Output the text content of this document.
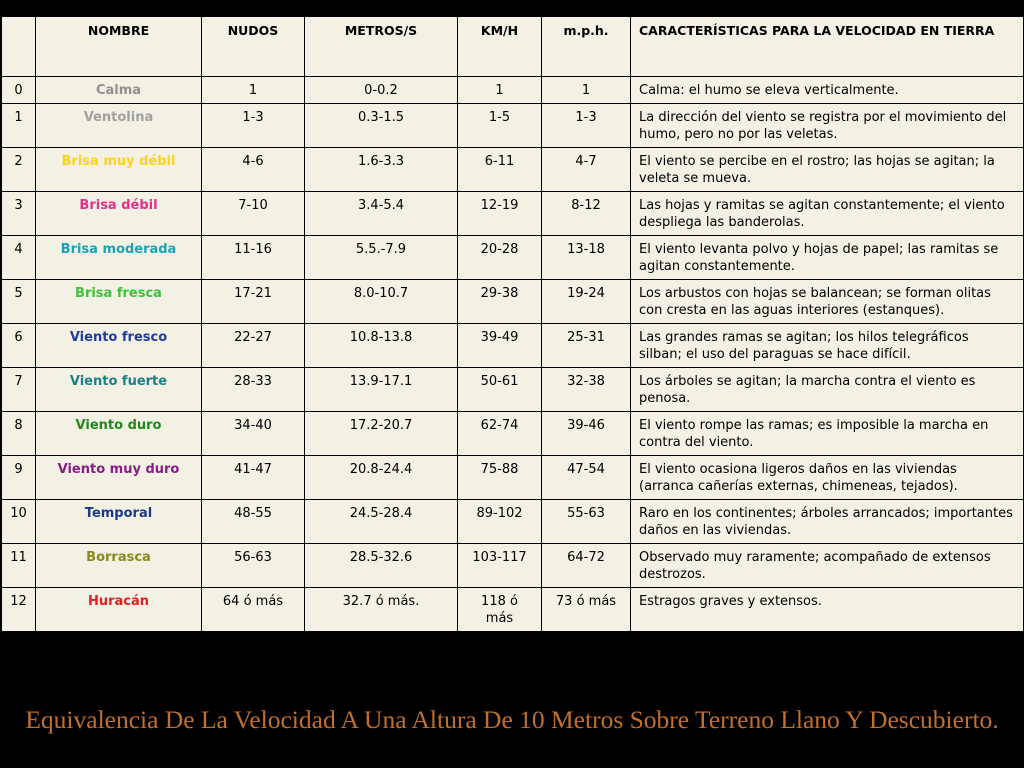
	NOMBRE	NUDOS	METROS/S	KM/H	m.p.h.	CARACTERÍSTICAS PARA LA VELOCIDAD EN TIERRA
0	Calma	1	0-0.2	1	1	Calma: el humo se eleva verticalmente.
1	Ventolina	1-3	0.3-1.5	1-5	1-3	La dirección del viento se registra por el movimiento del humo, pero no por las veletas.
2	Brisa muy débil	4-6	1.6-3.3	6-11	4-7	El viento se percibe en el rostro; las hojas se agitan; la veleta se mueva.
3	Brisa débil	7-10	3.4-5.4	12-19	8-12	Las hojas y ramitas se agitan constantemente; el viento despliega las banderolas.
4	Brisa moderada	11-16	5.5.-7.9	20-28	13-18	El viento levanta polvo y hojas de papel; las ramitas se agitan constantemente.
5	Brisa fresca	17-21	8.0-10.7	29-38	19-24	Los arbustos con hojas se balancean; se forman olitas con cresta en las aguas interiores (estanques).
6	Viento fresco	22-27	10.8-13.8	39-49	25-31	Las grandes ramas se agitan; los hilos telegráficos silban; el uso del paraguas se hace difícil.
7	Viento fuerte	28-33	13.9-17.1	50-61	32-38	Los árboles se agitan; la marcha contra el viento es penosa.
8	Viento duro	34-40	17.2-20.7	62-74	39-46	El viento rompe las ramas; es imposible la marcha en contra del viento.
9	Viento muy duro	41-47	20.8-24.4	75-88	47-54	El viento ocasiona ligeros daños en las viviendas (arranca cañerías externas, chimeneas, tejados).
10	Temporal	48-55	24.5-28.4	89-102	55-63	Raro en los continentes; árboles arrancados; importantes daños en las viviendas.
11	Borrasca	56-63	28.5-32.6	103-117	64-72	Observado muy raramente; acompañado de extensos destrozos.
12	Huracán	64 ó más	32.7 ó más.	118 ó más	73 ó más	Estragos graves y extensos.
Equivalencia De La Velocidad A Una Altura De 10 Metros Sobre Terreno Llano Y Descubierto.
